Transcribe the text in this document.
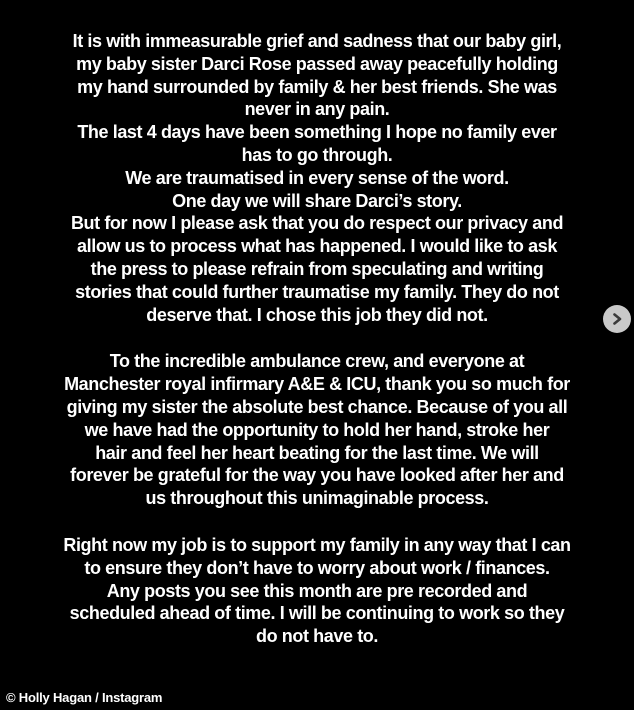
It is with immeasurable grief and sadness that our baby girl,
my baby sister Darci Rose passed away peacefully holding
my hand surrounded by family & her best friends. She was
never in any pain.
The last 4 days have been something I hope no family ever
has to go through.
We are traumatised in every sense of the word.
One day we will share Darci’s story.
But for now I please ask that you do respect our privacy and
allow us to process what has happened. I would like to ask
the press to please refrain from speculating and writing
stories that could further traumatise my family. They do not
deserve that. I chose this job they did not.
To the incredible ambulance crew, and everyone at
Manchester royal infirmary A&E & ICU, thank you so much for
giving my sister the absolute best chance. Because of you all
we have had the opportunity to hold her hand, stroke her
hair and feel her heart beating for the last time. We will
forever be grateful for the way you have looked after her and
us throughout this unimaginable process.
Right now my job is to support my family in any way that I can
to ensure they don’t have to worry about work / finances.
Any posts you see this month are pre recorded and
scheduled ahead of time. I will be continuing to work so they
do not have to.
© Holly Hagan / Instagram
